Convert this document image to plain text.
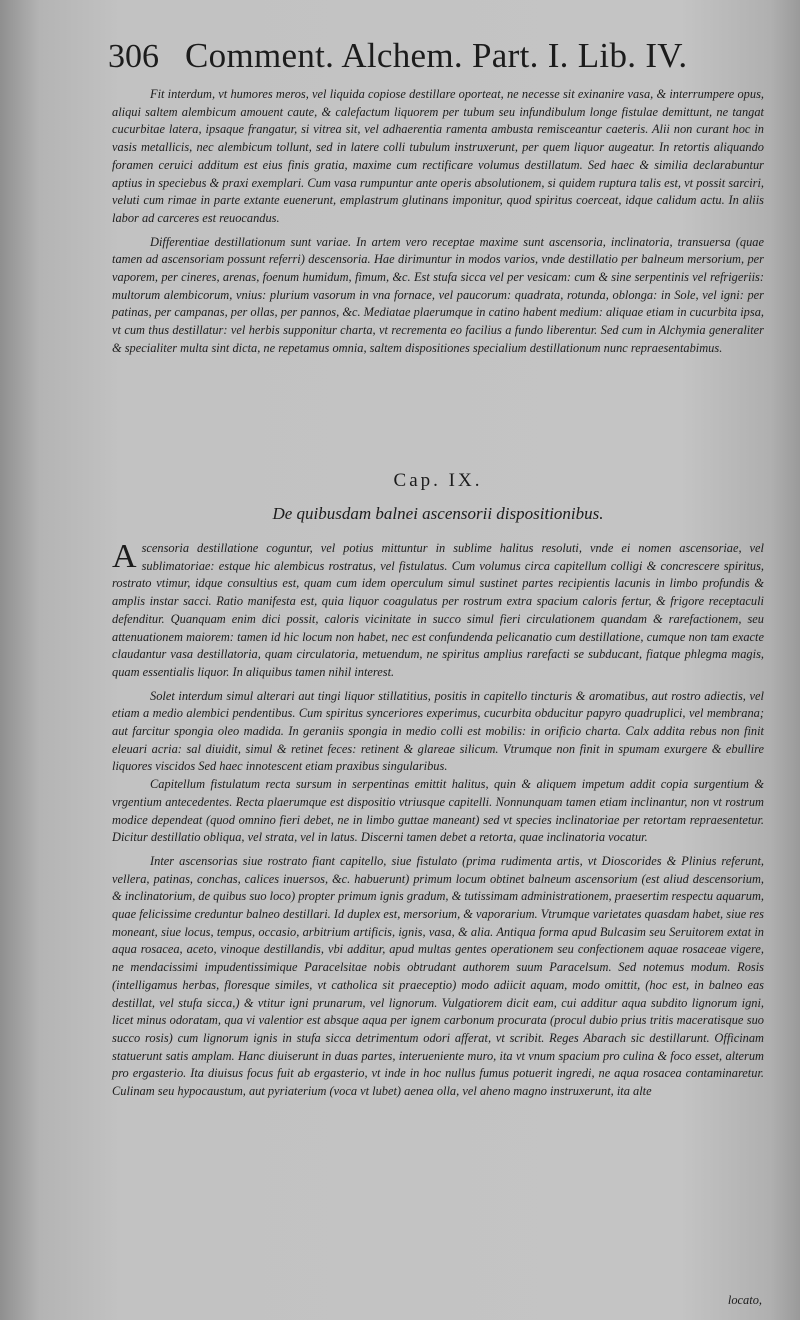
306 Comment. Alchem. Part. I. Lib. IV.

Fit interdum, vt humores meros, vel liquida copiose destillare oporteat, ne necesse sit exinanire vasa, & interrumpere opus, aliqui saltem alembicum amouent caute, & calefactum liquorem per tubum seu infundibulum longe fistulae demittunt, ne tangat cucurbitae latera, ipsaque frangatur, si vitrea sit, vel adhaerentia ramenta ambusta remisceantur caeteris. Alii non curant hoc in vasis metallicis, nec alembicum tollunt, sed in latere colli tubulum instruxerunt, per quem liquor augeatur. In retortis aliquando foramen ceruici additum est eius finis gratia, maxime cum rectificare volumus destillatum. Sed haec & similia declarabuntur aptius in speciebus & praxi exemplari. Cum vasa rumpuntur ante operis absolutionem, si quidem ruptura talis est, vt possit sarciri, veluti cum rimae in parte extante euenerunt, emplastrum glutinans imponitur, quod spiritus coerceat, idque calidum actu. In aliis labor ad carceres est reuocandus.

Differentiae destillationum sunt variae. In artem vero receptae maxime sunt ascensoria, inclinatoria, transuersa (quae tamen ad ascensoriam possunt referri) descensoria. Hae dirimuntur in modos varios, vnde destillatio per balneum mersorium, per vaporem, per cineres, arenas, foenum humidum, fimum, &c. Est stufa sicca vel per vesicam: cum & sine serpentinis vel refrigeriis: multorum alembicorum, vnius: plurium vasorum in vna fornace, vel paucorum: quadrata, rotunda, oblonga: in Sole, vel igni: per patinas, per campanas, per ollas, per pannos, &c. Mediatae plaerumque in catino habent medium: aliquae etiam in cucurbita ipsa, vt cum thus destillatur: vel herbis supponitur charta, vt recrementa eo facilius a fundo liberentur. Sed cum in Alchymia generaliter & specialiter multa sint dicta, ne repetamus omnia, saltem dispositiones specialium destillationum nunc repraesentabimus.

Cap. IX.

De quibusdam balnei ascensorii dispositionibus.

Ascensoria destillatione coguntur, vel potius mittuntur in sublime halitus resoluti, vnde ei nomen ascensoriae, vel sublimatoriae: estque hic alembicus rostratus, vel fistulatus. Cum volumus circa capitellum colligi & concrescere spiritus, rostrato vtimur, idque consultius est, quam cum idem operculum simul sustinet partes recipientis lacunis in limbo profundis & amplis instar sacci. Ratio manifesta est, quia liquor coagulatus per rostrum extra spacium caloris fertur, & frigore receptaculi defenditur. Quanquam enim dici possit, caloris vicinitate in succo simul fieri circulationem quandam & rarefactionem, seu attenuationem maiorem: tamen id hic locum non habet, nec est confundenda pelicanatio cum destillatione, cumque non tam exacte claudantur vasa destillatoria, quam circulatoria, metuendum, ne spiritus amplius rarefacti se subducant, fiatque phlegma magis, quam essentialis liquor. In aliquibus tamen nihil interest.

Solet interdum simul alterari aut tingi liquor stillatitius, positis in capitello tincturis & aromatibus, aut rostro adiectis, vel etiam a medio alembici pendentibus. Cum spiritus synceriores experimus, cucurbita obducitur papyro quadruplici, vel membrana; aut farcitur spongia oleo madida. In geraniis spongia in medio colli est mobilis: in orificio charta. Calx addita rebus non finit eleuari acria: sal diuidit, simul & retinet feces: retinent & glareae silicum. Vtrumque non finit in spumam exurgere & ebullire liquores viscidos Sed haec innotescent etiam praxibus singularibus.

Capitellum fistulatum recta sursum in serpentinas emittit halitus, quin & aliquem impetum addit copia surgentium & vrgentium antecedentes. Recta plaerumque est dispositio vtriusque capitelli. Nonnunquam tamen etiam inclinantur, non vt rostrum modice dependeat (quod omnino fieri debet, ne in limbo guttae maneant) sed vt species inclinatoriae per retortam repraesentetur. Dicitur destillatio obliqua, vel strata, vel in latus. Discerni tamen debet a retorta, quae inclinatoria vocatur.

Inter ascensorias siue rostrato fiant capitello, siue fistulato (prima rudimenta artis, vt Dioscorides & Plinius referunt, vellera, patinas, conchas, calices inuersos, &c. habuerunt) primum locum obtinet balneum ascensorium (est aliud descensorium, & inclinatorium, de quibus suo loco) propter primum ignis gradum, & tutissimam administrationem, praesertim respectu aquarum, quae felicissime creduntur balneo destillari. Id duplex est, mersorium, & vaporarium. Vtrumque varietates quasdam habet, siue res moneant, siue locus, tempus, occasio, arbitrium artificis, ignis, vasa, & alia. Antiqua forma apud Bulcasim seu Seruitorem extat in aqua rosacea, aceto, vinoque destillandis, vbi additur, apud multas gentes operationem seu confectionem aquae rosaceae vigere, ne mendacissimi impudentissimique Paracelsitae nobis obtrudant authorem suum Paracelsum. Sed notemus modum. Rosis (intelligamus herbas, floresque similes, vt catholica sit praeceptio) modo adiicit aquam, modo omittit, (hoc est, in balneo eas destillat, vel stufa sicca,) & vtitur igni prunarum, vel lignorum. Vulgatiorem dicit eam, cui additur aqua subdito lignorum igni, licet minus odoratam, qua vi valentior est absque aqua per ignem carbonum procurata (procul dubio prius tritis maceratisque suo succo rosis) cum lignorum ignis in stufa sicca detrimentum odori afferat, vt scribit. Reges Abarach sic destillarunt. Officinam statuerunt satis amplam. Hanc diuiserunt in duas partes, interueniente muro, ita vt vnum spacium pro culina & foco esset, alterum pro ergasterio. Ita diuisus focus fuit ab ergasterio, vt inde in hoc nullus fumus potuerit ingredi, ne aqua rosacea contaminaretur. Culinam seu hypocaustum, aut pyriaterium (voca vt lubet) aenea olla, vel aheno magno instruxerunt, ita alte

locato,
